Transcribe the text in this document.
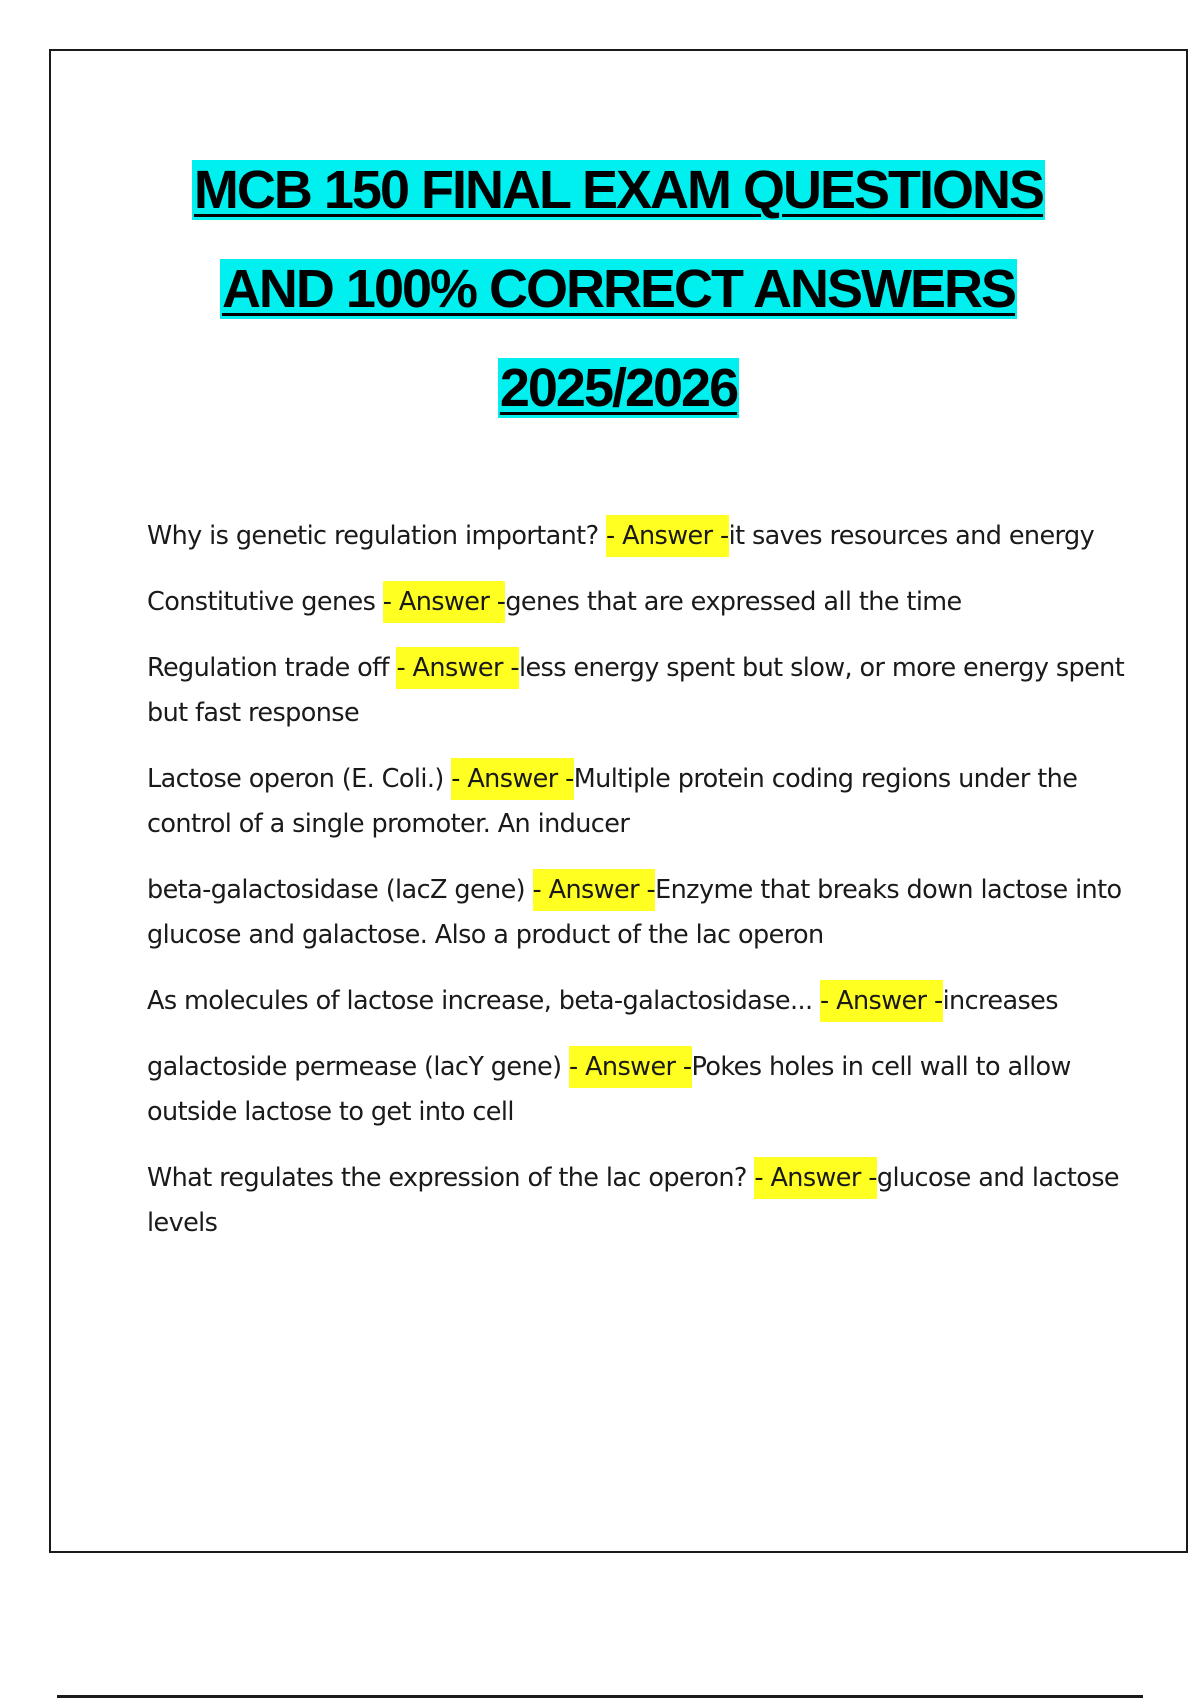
MCB 150 FINAL EXAM QUESTIONS
AND 100% CORRECT ANSWERS
2025/2026

Why is genetic regulation important? - Answer -it saves resources and energy

Constitutive genes - Answer -genes that are expressed all the time

Regulation trade off - Answer -less energy spent but slow, or more energy spent but fast response

Lactose operon (E. Coli.) - Answer -Multiple protein coding regions under the control of a single promoter. An inducer

beta-galactosidase (lacZ gene) - Answer -Enzyme that breaks down lactose into glucose and galactose. Also a product of the lac operon

As molecules of lactose increase, beta-galactosidase... - Answer -increases

galactoside permease (lacY gene) - Answer -Pokes holes in cell wall to allow outside lactose to get into cell

What regulates the expression of the lac operon? - Answer -glucose and lactose levels
